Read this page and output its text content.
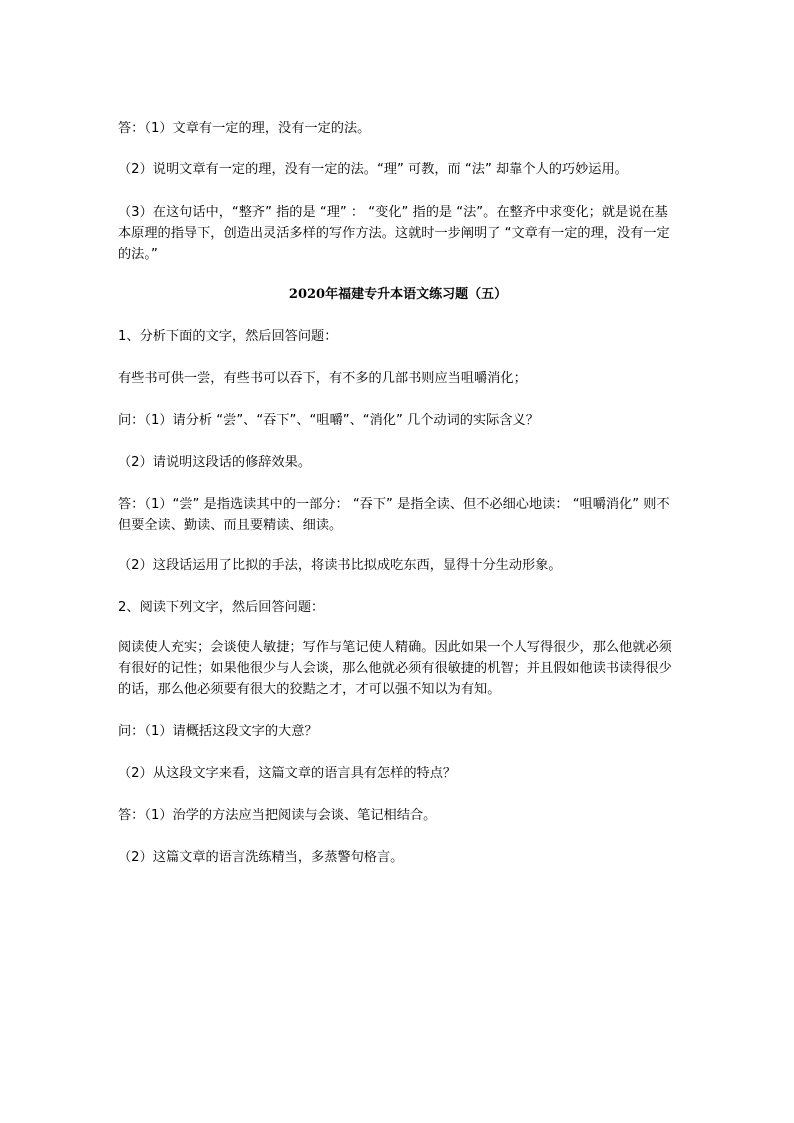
答：（1）文章有一定的理，没有一定的法。

（2）说明文章有一定的理，没有一定的法。“理” 可教，而 “法” 却靠个人的巧妙运用。

（3）在这句话中，“整齐” 指的是 “理” ： “变化” 指的是 “法”。在整齐中求变化；就是说在基本原理的指导下，创造出灵活多样的写作方法。这就时一步阐明了 “文章有一定的理，没有一定的法。”

2020年福建专升本语文练习题（五）

1、分析下面的文字，然后回答问题：

有些书可供一尝，有些书可以吞下，有不多的几部书则应当咀嚼消化；

问：（1）请分析 “尝”、“吞下”、“咀嚼”、“消化” 几个动词的实际含义？

（2）请说明这段话的修辞效果。

答：（1）“尝” 是指选读其中的一部分： “吞下” 是指全读、但不必细心地读： “咀嚼消化” 则不但要全读、勤读、而且要精读、细读。

（2）这段话运用了比拟的手法，将读书比拟成吃东西，显得十分生动形象。

2、阅读下列文字，然后回答问题：

阅读使人充实；会谈使人敏捷；写作与笔记使人精确。因此如果一个人写得很少，那么他就必须有很好的记性；如果他很少与人会谈，那么他就必须有很敏捷的机智；并且假如他读书读得很少的话，那么他必须要有很大的狡黠之才，才可以强不知以为有知。

问：（1）请概括这段文字的大意？

（2）从这段文字来看，这篇文章的语言具有怎样的特点？

答：（1）治学的方法应当把阅读与会谈、笔记相结合。

（2）这篇文章的语言洗练精当，多蒸警句格言。
